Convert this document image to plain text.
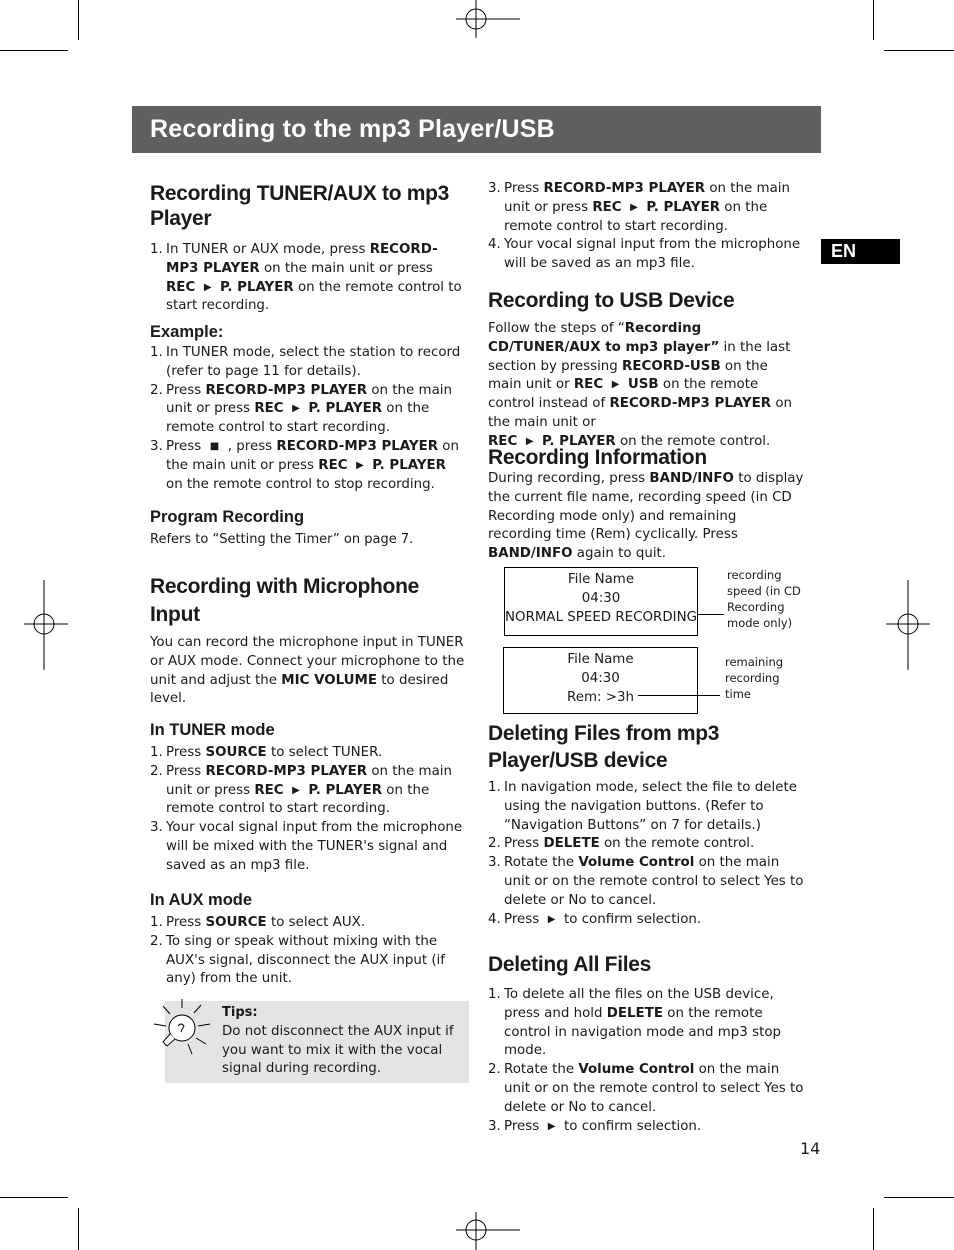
Recording to the mp3 Player/USB
EN
Recording TUNER/AUX to mp3 Player
1. In TUNER or AUX mode, press RECORD-MP3 PLAYER on the main unit or press REC ▶ P. PLAYER on the remote control to start recording.
Example:
1. In TUNER mode, select the station to record (refer to page 11 for details).
2. Press RECORD-MP3 PLAYER on the main unit or press REC ▶ P. PLAYER on the remote control to start recording.
3. Press  ■  , press RECORD-MP3 PLAYER on the main unit or press REC ▶ P. PLAYER on the remote control to stop recording.
Program Recording

Refers to “Setting the Timer” on page 7.

Recording with Microphone Input

You can record the microphone input in TUNER or AUX mode. Connect your microphone to the unit and adjust the MIC VOLUME to desired level.

In TUNER mode
1. Press SOURCE to select TUNER.
2. Press RECORD-MP3 PLAYER on the main unit or press REC ▶ P. PLAYER on the remote control to start recording.
3. Your vocal signal input from the microphone will be mixed with the TUNER's signal and saved as an mp3 file.
In AUX mode
1. Press SOURCE to select AUX.
2. To sing or speak without mixing with the AUX's signal, disconnect the AUX input (if any) from the unit.

Tips:

Do not disconnect the AUX input if you want to mix it with the vocal signal during recording.

3. Press RECORD-MP3 PLAYER on the main unit or press REC ▶ P. PLAYER on the remote control to start recording.
4. Your vocal signal input from the microphone will be saved as an mp3 file.
Recording to USB Device

Follow the steps of “Recording CD/TUNER/AUX to mp3 player” in the last section by pressing RECORD-USB on the main unit or REC ▶ USB on the remote control instead of RECORD-MP3 PLAYER on the main unit or
REC ▶ P. PLAYER on the remote control.

Recording Information

During recording, press BAND/INFO to display the current file name, recording speed (in CD Recording mode only) and remaining recording time (Rem) cyclically. Press BAND/INFO again to quit.

File Name
04:30
NORMAL SPEED RECORDING
recording speed (in CD Recording mode only)
File Name
04:30
Rem: >3h
remaining recording time
Deleting Files from mp3 Player/USB device
1. In navigation mode, select the file to delete using the navigation buttons. (Refer to “Navigation Buttons” on 7 for details.)
2. Press DELETE on the remote control.
3. Rotate the Volume Control on the main unit or on the remote control to select Yes to delete or No to cancel.
4. Press  ▶  to confirm selection.
Deleting All Files
1. To delete all the files on the USB device, press and hold DELETE on the remote control in navigation mode and mp3 stop mode.
2. Rotate the Volume Control on the main unit or on the remote control to select Yes to delete or No to cancel.
3. Press  ▶  to confirm selection.
14
